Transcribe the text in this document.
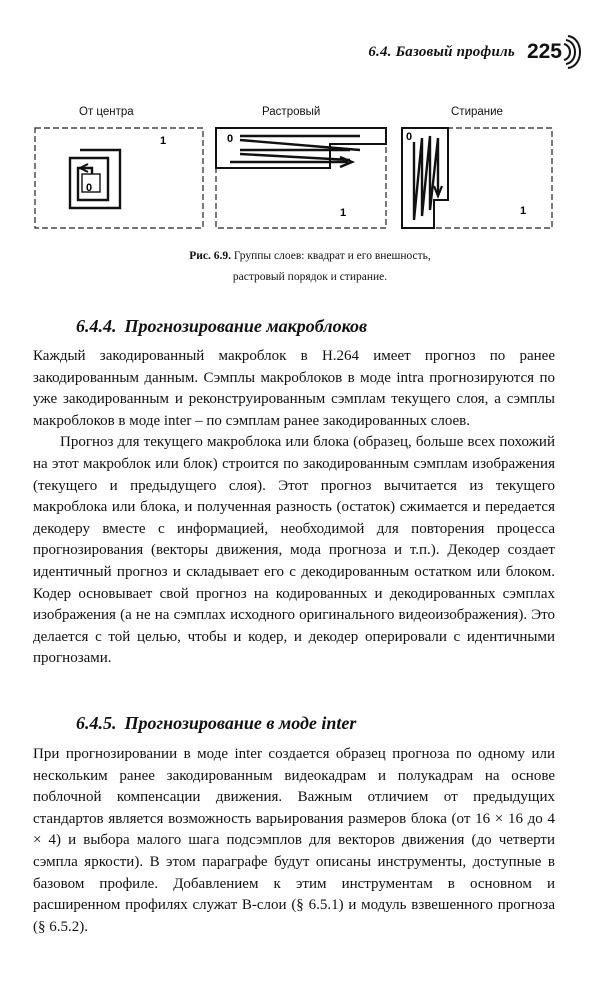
6.4. Базовый профиль 225
От центра	Растровый	Стирание
0
1	0
1
0
1
Рис. 6.9. Группы слоев: квадрат и его внешность,
растровый порядок и стирание.
6.4.4. Прогнозирование макроблоков

Каждый закодированный макроблок в H.264 имеет прогноз по ранее закодированным данным. Сэмплы макроблоков в моде intra прогнозируются по уже закодированным и реконструированным сэмплам текущего слоя, а сэмплы макроблоков в моде inter – по сэмплам ранее закодированных слоев.

Прогноз для текущего макроблока или блока (образец, больше всех похожий на этот макроблок или блок) строится по закодированным сэмплам изображения (текущего и предыдущего слоя). Этот прогноз вычитается из текущего макроблока или блока, и полученная разность (остаток) сжимается и передается декодеру вместе с информацией, необходимой для повторения процесса прогнозирования (векторы движения, мода прогноза и т.п.). Декодер создает идентичный прогноз и складывает его с декодированным остатком или блоком. Кодер основывает свой прогноз на кодированных и декодированных сэмплах изображения (а не на сэмплах исходного оригинального видеоизображения). Это делается с той целью, чтобы и кодер, и декодер оперировали с идентичными прогнозами.

6.4.5. Прогнозирование в моде inter

При прогнозировании в моде inter создается образец прогноза по одному или нескольким ранее закодированным видеокадрам и полукадрам на основе поблочной компенсации движения. Важным отличием от предыдущих стандартов является возможность варьирования размеров блока (от 16 × 16 до 4 × 4) и выбора малого шага подсэмплов для векторов движения (до четверти сэмпла яркости). В этом параграфе будут описаны инструменты, доступные в базовом профиле. Добавлением к этим инструментам в основном и расширенном профилях служат B-слои (§ 6.5.1) и модуль взвешенного прогноза (§ 6.5.2).
